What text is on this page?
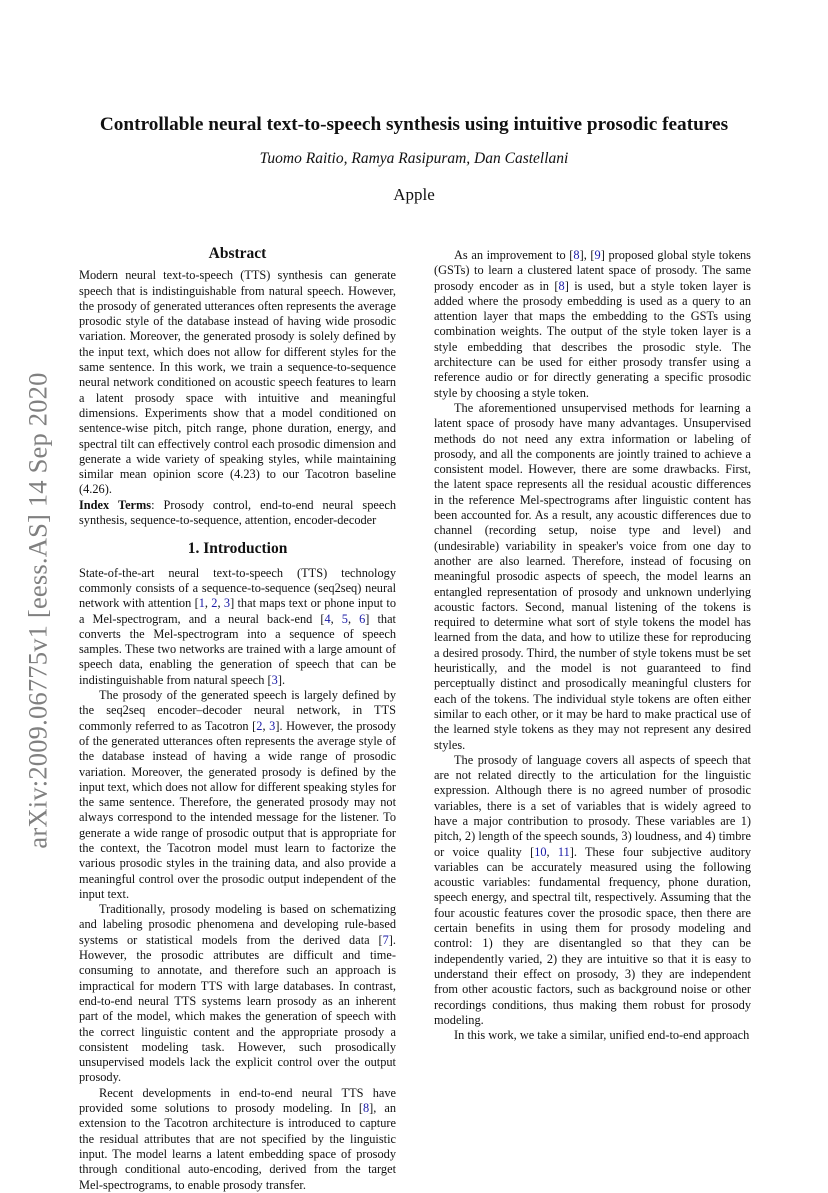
arXiv:2009.06775v1 [eess.AS] 14 Sep 2020
Controllable neural text-to-speech synthesis using intuitive prosodic features
Tuomo Raitio, Ramya Rasipuram, Dan Castellani
Apple
Abstract

Modern neural text-to-speech (TTS) synthesis can generate speech that is indistinguishable from natural speech. However, the prosody of generated utterances often represents the average prosodic style of the database instead of having wide prosodic variation. Moreover, the generated prosody is solely defined by the input text, which does not allow for different styles for the same sentence. In this work, we train a sequence-to-sequence neural network conditioned on acoustic speech features to learn a latent prosody space with intuitive and meaningful dimensions. Experiments show that a model conditioned on sentence-wise pitch, pitch range, phone duration, energy, and spectral tilt can effectively control each prosodic dimension and generate a wide variety of speaking styles, while maintaining similar mean opinion score (4.23) to our Tacotron baseline (4.26).

Index Terms: Prosody control, end-to-end neural speech synthesis, sequence-to-sequence, attention, encoder-decoder

1. Introduction

State-of-the-art neural text-to-speech (TTS) technology commonly consists of a sequence-to-sequence (seq2seq) neural network with attention [1, 2, 3] that maps text or phone input to a Mel-spectrogram, and a neural back-end [4, 5, 6] that converts the Mel-spectrogram into a sequence of speech samples. These two networks are trained with a large amount of speech data, enabling the generation of speech that can be indistinguishable from natural speech [3].

The prosody of the generated speech is largely defined by the seq2seq encoder–decoder neural network, in TTS commonly referred to as Tacotron [2, 3]. However, the prosody of the generated utterances often represents the average style of the database instead of having a wide range of prosodic variation. Moreover, the generated prosody is defined by the input text, which does not allow for different speaking styles for the same sentence. Therefore, the generated prosody may not always correspond to the intended message for the listener. To generate a wide range of prosodic output that is appropriate for the context, the Tacotron model must learn to factorize the various prosodic styles in the training data, and also provide a meaningful control over the prosodic output independent of the input text.

Traditionally, prosody modeling is based on schematizing and labeling prosodic phenomena and developing rule-based systems or statistical models from the derived data [7]. However, the prosodic attributes are difficult and time-consuming to annotate, and therefore such an approach is impractical for modern TTS with large databases. In contrast, end-to-end neural TTS systems learn prosody as an inherent part of the model, which makes the generation of speech with the correct linguistic content and the appropriate prosody a consistent modeling task. However, such prosodically unsupervised models lack the explicit control over the output prosody.

Recent developments in end-to-end neural TTS have provided some solutions to prosody modeling. In [8], an extension to the Tacotron architecture is introduced to capture the residual attributes that are not specified by the linguistic input. The model learns a latent embedding space of prosody through conditional auto-encoding, derived from the target Mel-spectrograms, to enable prosody transfer.

As an improvement to [8], [9] proposed global style tokens (GSTs) to learn a clustered latent space of prosody. The same prosody encoder as in [8] is used, but a style token layer is added where the prosody embedding is used as a query to an attention layer that maps the embedding to the GSTs using combination weights. The output of the style token layer is a style embedding that describes the prosodic style. The architecture can be used for either prosody transfer using a reference audio or for directly generating a specific prosodic style by choosing a style token.

The aforementioned unsupervised methods for learning a latent space of prosody have many advantages. Unsupervised methods do not need any extra information or labeling of prosody, and all the components are jointly trained to achieve a consistent model. However, there are some drawbacks. First, the latent space represents all the residual acoustic differences in the reference Mel-spectrograms after linguistic content has been accounted for. As a result, any acoustic differences due to channel (recording setup, noise type and level) and (undesirable) variability in speaker's voice from one day to another are also learned. Therefore, instead of focusing on meaningful prosodic aspects of speech, the model learns an entangled representation of prosody and unknown underlying acoustic factors. Second, manual listening of the tokens is required to determine what sort of style tokens the model has learned from the data, and how to utilize these for reproducing a desired prosody. Third, the number of style tokens must be set heuristically, and the model is not guaranteed to find perceptually distinct and prosodically meaningful clusters for each of the tokens. The individual style tokens are often either similar to each other, or it may be hard to make practical use of the learned style tokens as they may not represent any desired styles.

The prosody of language covers all aspects of speech that are not related directly to the articulation for the linguistic expression. Although there is no agreed number of prosodic variables, there is a set of variables that is widely agreed to have a major contribution to prosody. These variables are 1) pitch, 2) length of the speech sounds, 3) loudness, and 4) timbre or voice quality [10, 11]. These four subjective auditory variables can be accurately measured using the following acoustic variables: fundamental frequency, phone duration, speech energy, and spectral tilt, respectively. Assuming that the four acoustic features cover the prosodic space, then there are certain benefits in using them for prosody modeling and control: 1) they are disentangled so that they can be independently varied, 2) they are intuitive so that it is easy to understand their effect on prosody, 3) they are independent from other acoustic factors, such as background noise or other recordings conditions, thus making them robust for prosody modeling.

In this work, we take a similar, unified end-to-end approach
